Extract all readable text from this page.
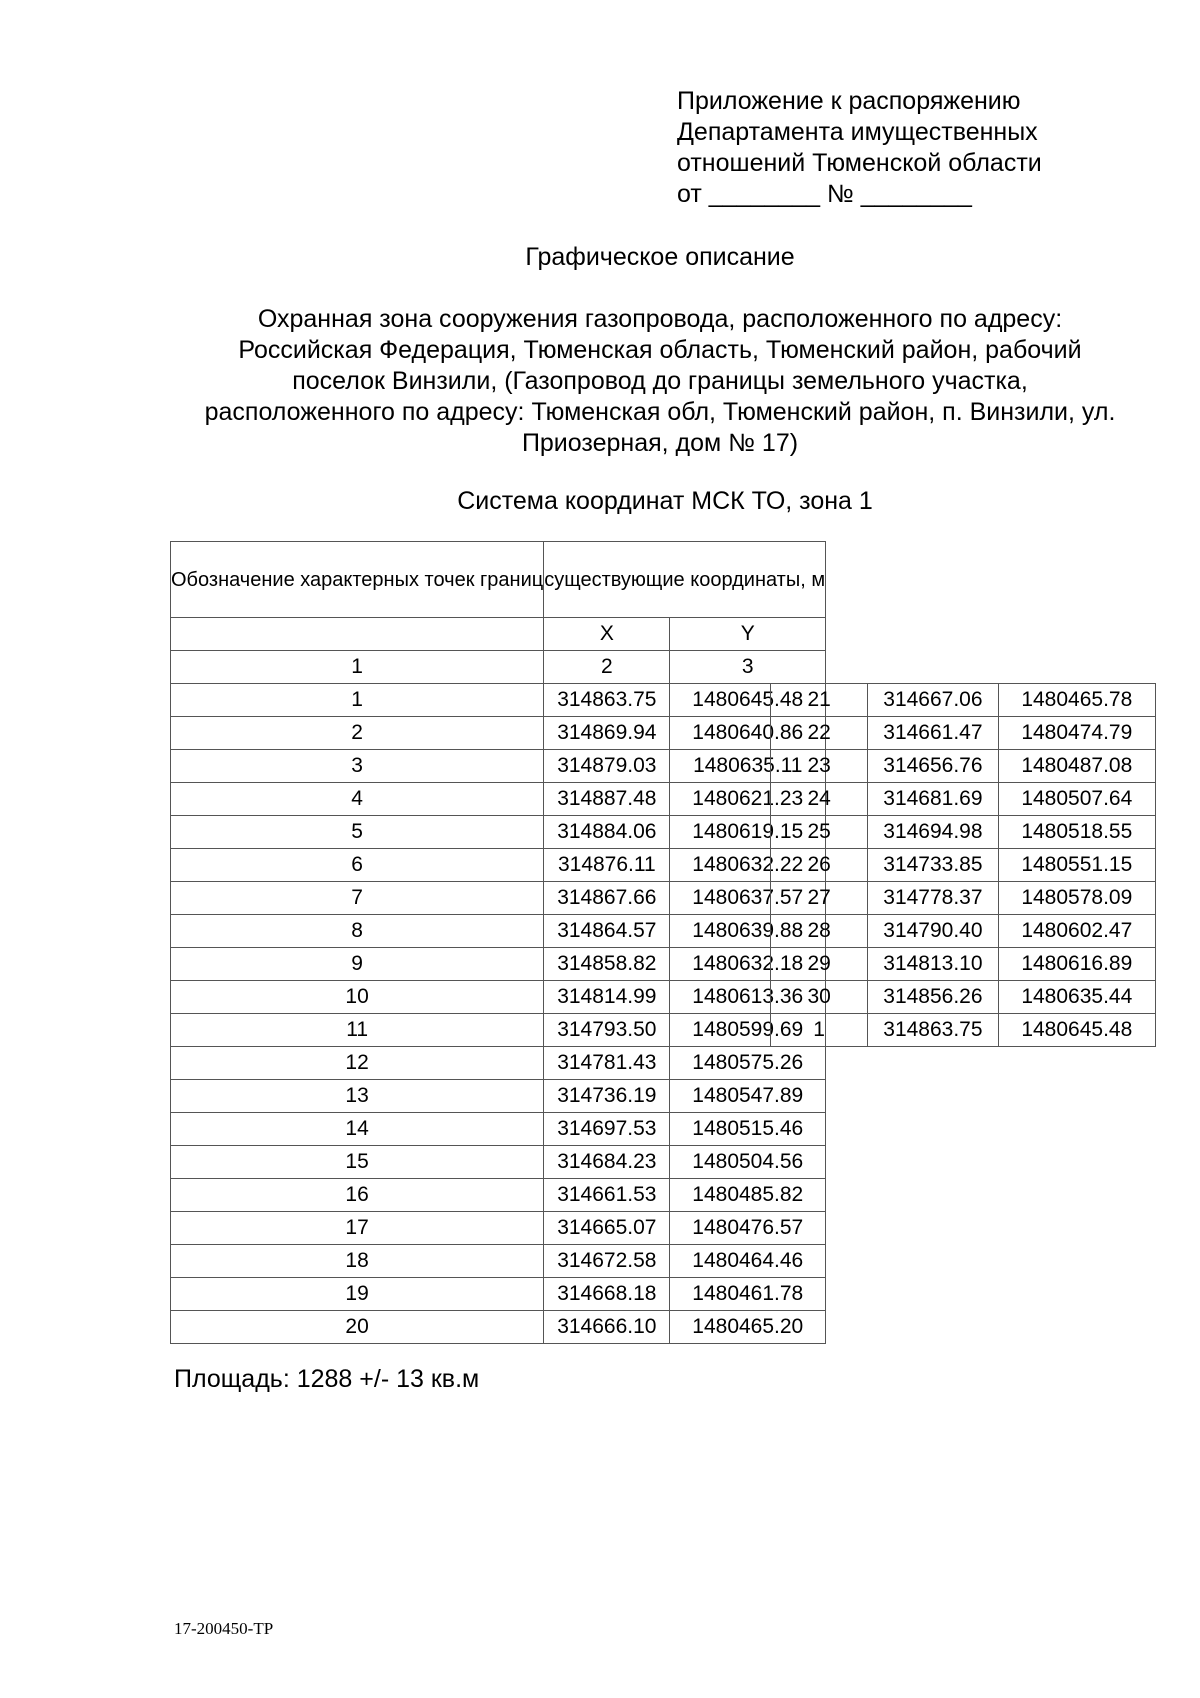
Приложение к распоряжению
Департамента имущественных
отношений Тюменской области
от ________ № ________
Графическое описание
Охранная зона сооружения газопровода, расположенного по адресу:
Российская Федерация, Тюменская область, Тюменский район, рабочий
поселок Винзили, (Газопровод до границы земельного участка,
расположенного по адресу: Тюменская обл, Тюменский район, п. Винзили, ул.
Приозерная, дом № 17)
Система координат МСК ТО, зона 1
Обозначение характерных точек границ	существующие координаты, м	
	X	Y
1	2	3
1	314863.75	1480645.48
2	314869.94	1480640.86
3	314879.03	1480635.11
4	314887.48	1480621.23
5	314884.06	1480619.15
6	314876.11	1480632.22
7	314867.66	1480637.57
8	314864.57	1480639.88
9	314858.82	1480632.18
10	314814.99	1480613.36
11	314793.50	1480599.69
12	314781.43	1480575.26
13	314736.19	1480547.89
14	314697.53	1480515.46
15	314684.23	1480504.56
16	314661.53	1480485.82
17	314665.07	1480476.57
18	314672.58	1480464.46
19	314668.18	1480461.78
20	314666.10	1480465.20
21	314667.06	1480465.78
22	314661.47	1480474.79
23	314656.76	1480487.08
24	314681.69	1480507.64
25	314694.98	1480518.55
26	314733.85	1480551.15
27	314778.37	1480578.09
28	314790.40	1480602.47
29	314813.10	1480616.89
30	314856.26	1480635.44
1	314863.75	1480645.48
Площадь: 1288 +/- 13 кв.м
17-200450-ТР
